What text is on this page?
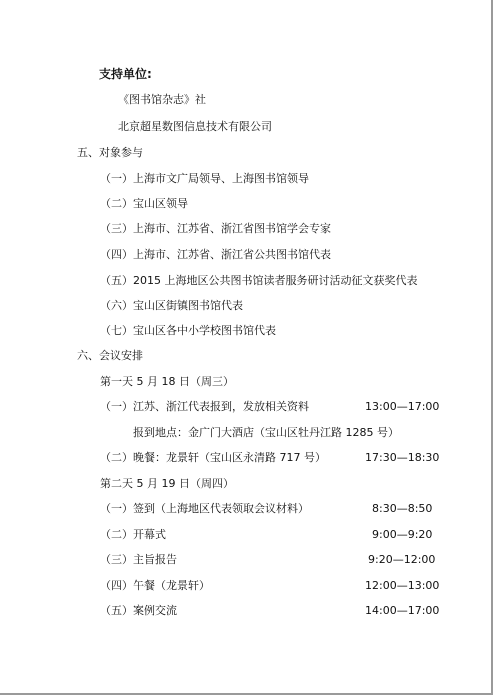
支持单位:
《图书馆杂志》社
北京超星数图信息技术有限公司
五、对象参与
（一）上海市文广局领导、上海图书馆领导
（二）宝山区领导
（三）上海市、江苏省、浙江省图书馆学会专家
（四）上海市、江苏省、浙江省公共图书馆代表
（五）2015 上海地区公共图书馆读者服务研讨活动征文获奖代表
（六）宝山区街镇图书馆代表
（七）宝山区各中小学校图书馆代表
六、会议安排
第一天 5 月 18 日（周三）
（一）江苏、浙江代表报到，发放相关资料	13:00—17:00
报到地点：金广门大酒店（宝山区牡丹江路 1285 号）
（二）晚餐：龙景轩（宝山区永清路 717 号）	17:30—18:30
第二天 5 月 19 日（周四）
（一）签到（上海地区代表领取会议材料）	8:30—8:50
（二）开幕式	9:00—9:20
（三）主旨报告	9:20—12:00
（四）午餐（龙景轩）	12:00—13:00
（五）案例交流	14:00—17:00
